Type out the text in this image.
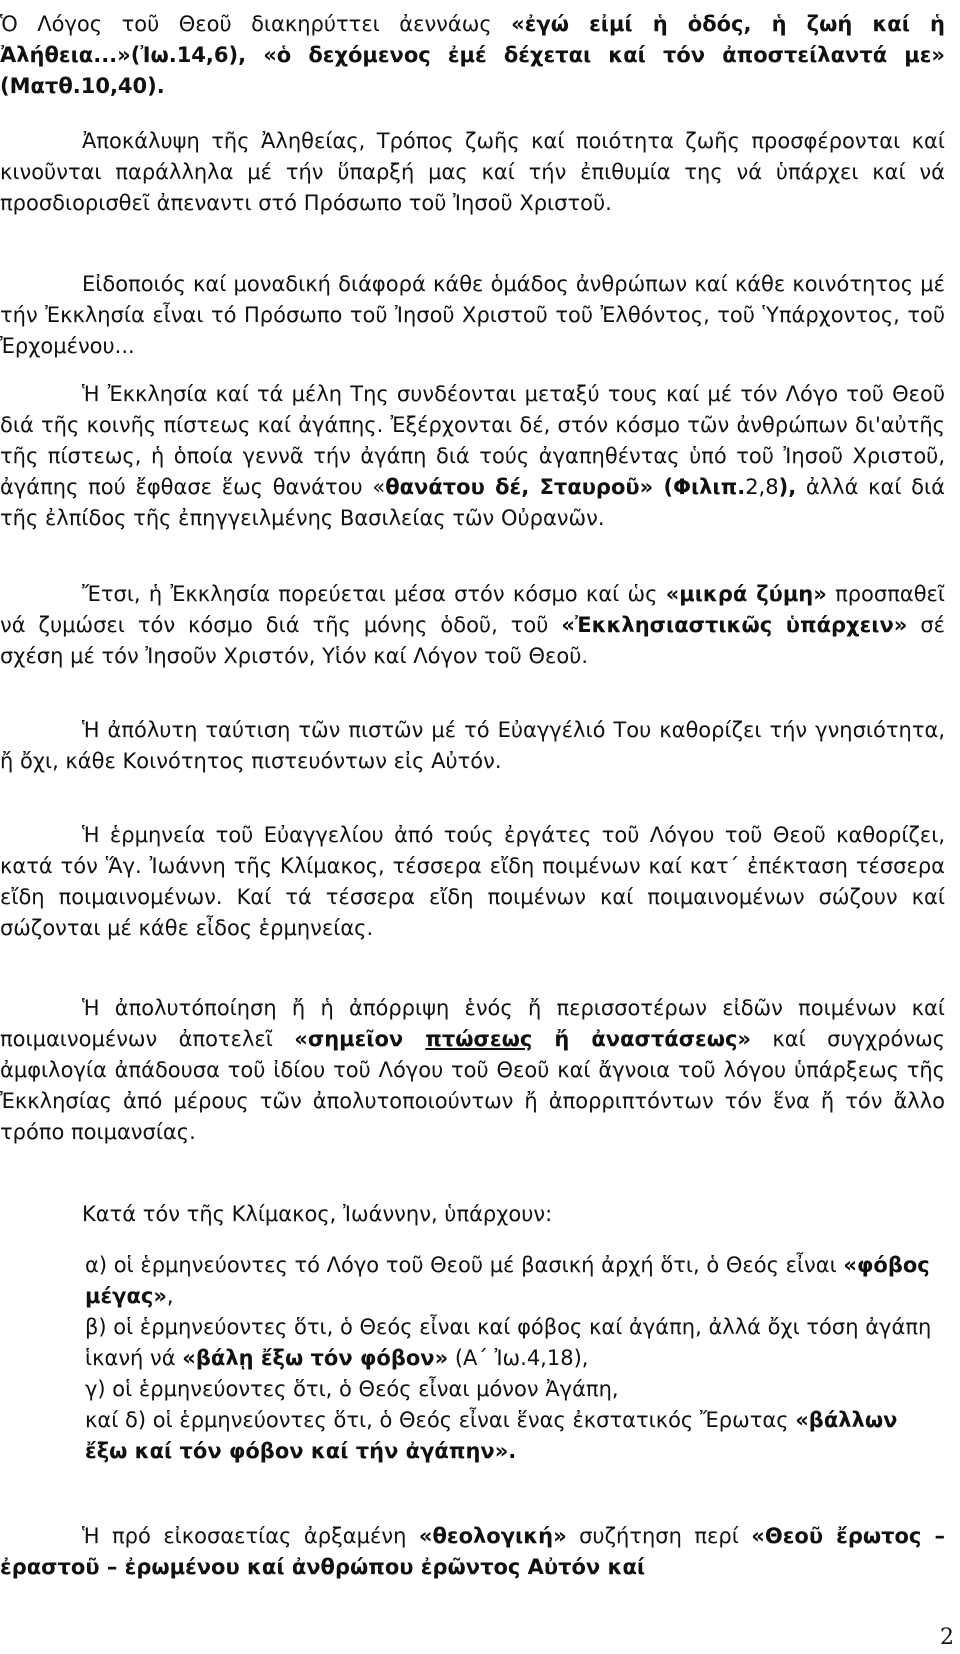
Ὁ Λόγος τοῦ Θεοῦ διακηρύττει ἀεννάως «ἐγώ εἰμί ἡ ὁδός, ἡ ζωή καί ἡ Ἀλήθεια...»(Ἰω.14,6), «ὁ δεχόμενος ἐμέ δέχεται καί τόν ἀποστείλαντά με» (Ματθ.10,40).

Ἀποκάλυψη τῆς Ἀληθείας, Τρόπος ζωῆς καί ποιότητα ζωῆς προσφέρονται καί κινοῦνται παράλληλα μέ τήν ὕπαρξή μας καί τήν ἐπιθυμία της νά ὑπάρχει καί νά προσδιορισθεῖ ἀπεναντι στό Πρόσωπο τοῦ Ἰησοῦ Χριστοῦ.

Εἰδοποιός καί μοναδική διάφορά κάθε ὁμάδος ἀνθρώπων καί κάθε κοινότητος μέ τήν Ἐκκλησία εἶναι τό Πρόσωπο τοῦ Ἰησοῦ Χριστοῦ τοῦ Ἐλθόντος, τοῦ Ὑπάρχοντος, τοῦ Ἐρχομένου...

Ἡ Ἐκκλησία καί τά μέλη Της συνδέονται μεταξύ τους καί μέ τόν Λόγο τοῦ Θεοῦ διά τῆς κοινῆς πίστεως καί ἀγάπης. Ἐξέρχονται δέ, στόν κόσμο τῶν ἀνθρώπων δι'αὐτῆς τῆς πίστεως, ἡ ὁποία γεννᾶ τήν ἀγάπη διά τούς ἀγαπηθέντας ὑπό τοῦ Ἰησοῦ Χριστοῦ, ἀγάπης πού ἔφθασε ἕως θανάτου «θανάτου δέ, Σταυροῦ» (Φιλιπ.2,8), ἀλλά καί διά τῆς ἐλπίδος τῆς ἐπηγγειλμένης Βασιλείας τῶν Οὐρανῶν.

Ἔτσι, ἡ Ἐκκλησία πορεύεται μέσα στόν κόσμο καί ὡς «μικρά ζύμη» προσπαθεῖ νά ζυμώσει τόν κόσμο διά τῆς μόνης ὁδοῦ, τοῦ «Ἐκκλησιαστικῶς ὑπάρχειν» σέ σχέση μέ τόν Ἰησοῦν Χριστόν, Υἱόν καί Λόγον τοῦ Θεοῦ.

Ἡ ἀπόλυτη ταύτιση τῶν πιστῶν μέ τό Εὐαγγέλιό Του καθορίζει τήν γνησιότητα, ἤ ὄχι, κάθε Κοινότητος πιστευόντων εἰς Αὐτόν.

Ἡ ἑρμηνεία τοῦ Εὐαγγελίου ἀπό τούς ἐργάτες τοῦ Λόγου τοῦ Θεοῦ καθορίζει, κατά τόν Ἅγ. Ἰωάννη τῆς Κλίμακος, τέσσερα εἴδη ποιμένων καί κατ΄ ἐπέκταση τέσσερα εἴδη ποιμαινομένων. Καί τά τέσσερα εἴδη ποιμένων καί ποιμαινομένων σώζουν καί σώζονται μέ κάθε εἶδος ἑρμηνείας.

Ἡ ἀπολυτόποίηση ἤ ἡ ἀπόρριψη ἑνός ἤ περισσοτέρων εἰδῶν ποιμένων καί ποιμαινομένων ἀποτελεῖ «σημεῖον πτώσεως ἤ ἀναστάσεως» καί συγχρόνως ἀμφιλογία ἀπάδουσα τοῦ ἰδίου τοῦ Λόγου τοῦ Θεοῦ καί ἄγνοια τοῦ λόγου ὑπάρξεως τῆς Ἐκκλησίας ἀπό μέρους τῶν ἀπολυτοποιούντων ἤ ἀπορριπτόντων τόν ἕνα ἤ τόν ἄλλο τρόπο ποιμανσίας.

Κατά τόν τῆς Κλίμακος, Ἰωάννην, ὑπάρχουν:

α) οἱ ἑρμηνεύοντες τό Λόγο τοῦ Θεοῦ μέ βασική ἀρχή ὅτι, ὁ Θεός εἶναι «φόβος μέγας»,
β) οἱ ἑρμηνεύοντες ὅτι, ὁ Θεός εἶναι καί φόβος καί ἀγάπη, ἀλλά ὄχι τόση ἀγάπη ἱκανή νά «βάλῃ ἔξω τόν φόβον» (Α΄ Ἰω.4,18),
γ) οἱ ἑρμηνεύοντες ὅτι, ὁ Θεός εἶναι μόνον Ἀγάπη,
καί δ) οἱ ἑρμηνεύοντες ὅτι, ὁ Θεός εἶναι ἕνας ἐκστατικός Ἔρωτας «βάλλων ἔξω καί τόν φόβον καί τήν ἀγάπην».

Ἡ πρό εἰκοσαετίας ἀρξαμένη «θεολογική» συζήτηση περί «Θεοῦ ἔρωτος –ἐραστοῦ – ἐρωμένου καί ἀνθρώπου ἐρῶντος Αὐτόν καί

2
